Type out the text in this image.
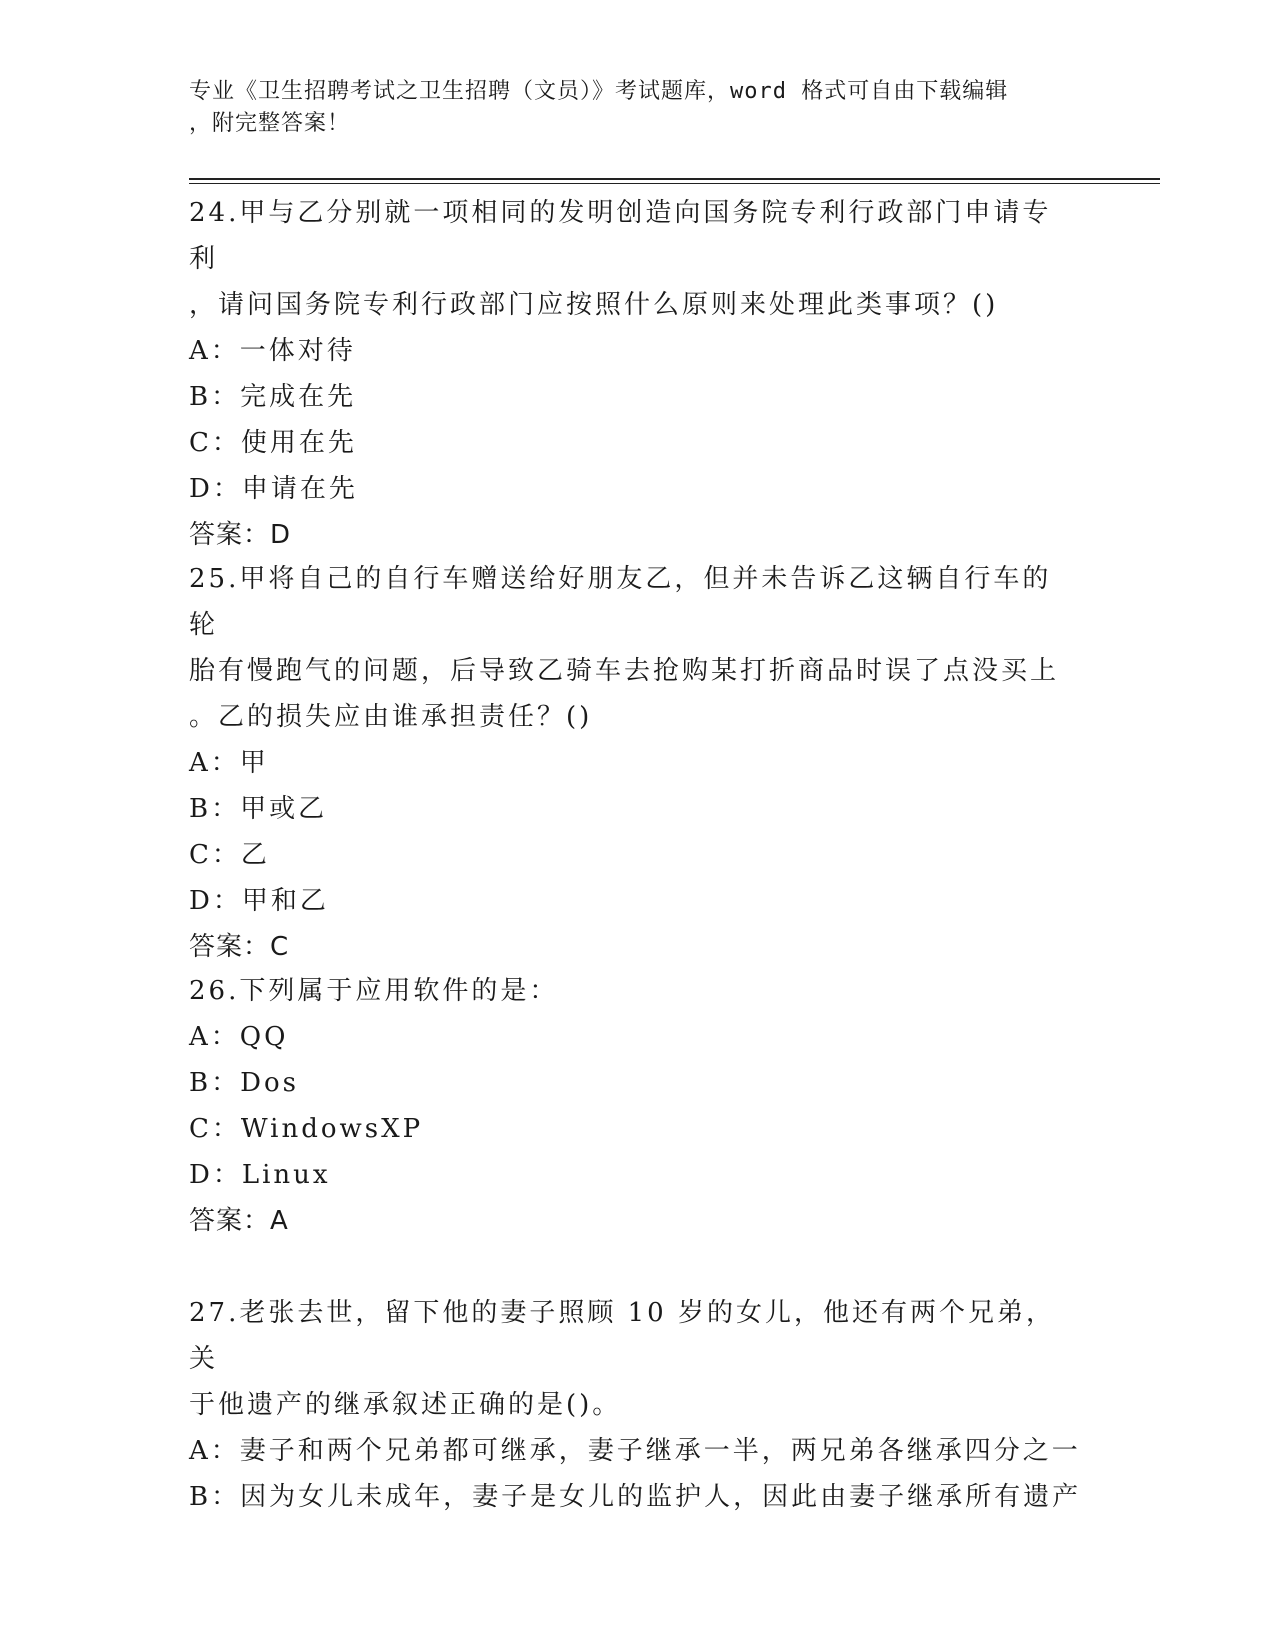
专业《卫生招聘考试之卫生招聘（文员）》考试题库，word 格式可自由下载编辑
，附完整答案！
24.甲与乙分别就一项相同的发明创造向国务院专利行政部门申请专利
，请问国务院专利行政部门应按照什么原则来处理此类事项？()
A：一体对待
B：完成在先
C：使用在先
D：申请在先
答案：D
25.甲将自己的自行车赠送给好朋友乙，但并未告诉乙这辆自行车的轮
胎有慢跑气的问题，后导致乙骑车去抢购某打折商品时误了点没买上
。乙的损失应由谁承担责任？()
A：甲
B：甲或乙
C：乙
D：甲和乙
答案：C
26.下列属于应用软件的是：
A：QQ
B：Dos
C：WindowsXP
D：Linux
答案：A
27.老张去世，留下他的妻子照顾 10 岁的女儿，他还有两个兄弟，关
于他遗产的继承叙述正确的是()。
A：妻子和两个兄弟都可继承，妻子继承一半，两兄弟各继承四分之一
B：因为女儿未成年，妻子是女儿的监护人，因此由妻子继承所有遗产
